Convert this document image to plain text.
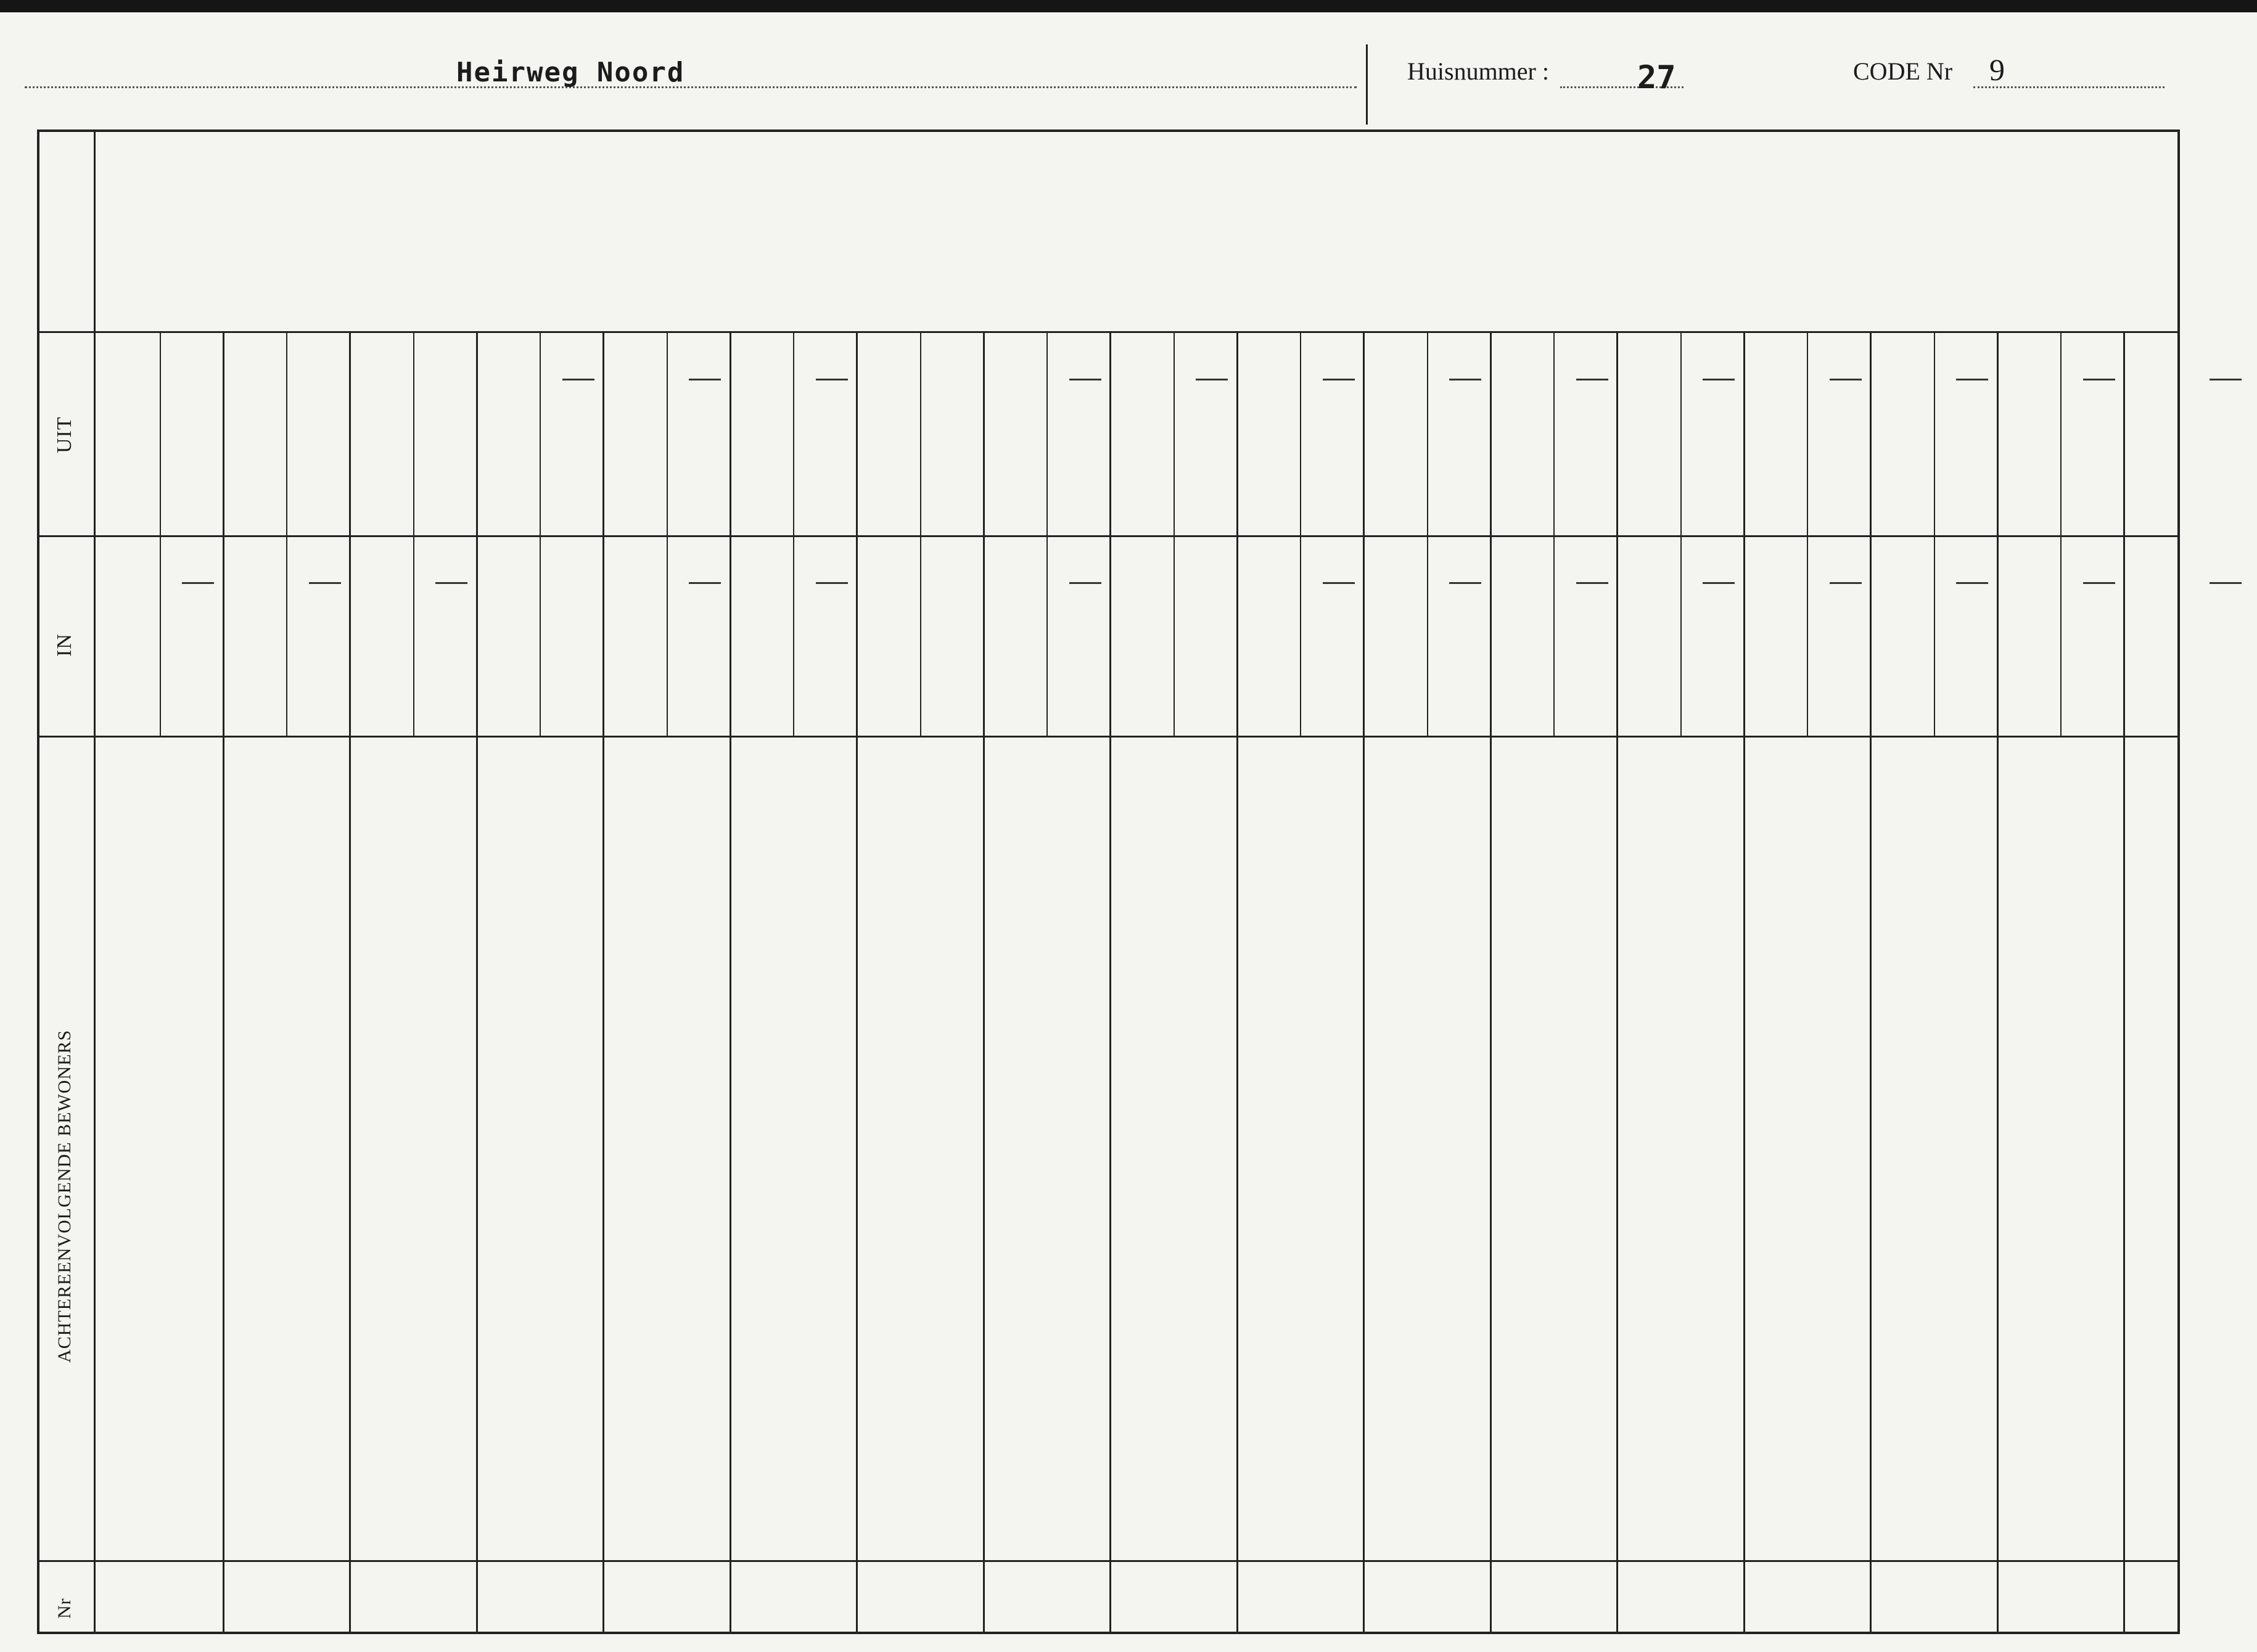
Heirweg Noord	Huisnummer :	27	CODE Nr 9
Nr
ACHTEREENVOLGENDE BEWONERS
IN
UIT
